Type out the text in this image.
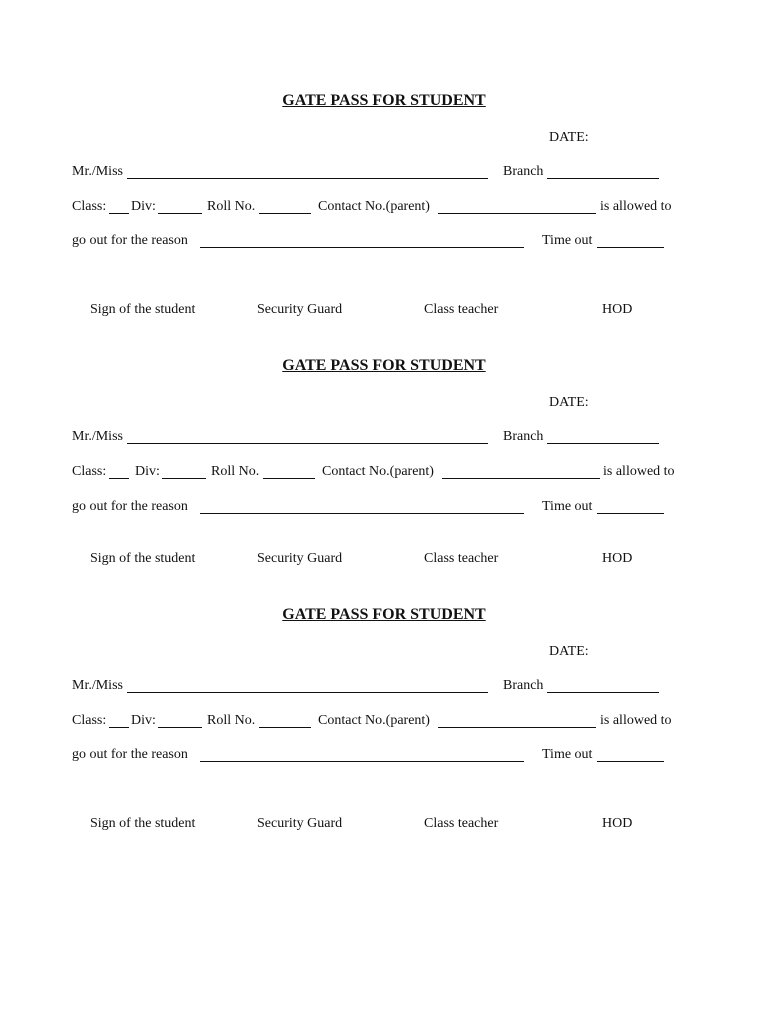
GATE PASS FOR STUDENT
DATE:
Mr./Miss	Branch
Class: Div:	Roll No.	Contact No.(parent)	is allowed to
go out for the reason	Time out
Sign of the student	Security Guard	Class teacher	HOD
GATE PASS FOR STUDENT
DATE:
Mr./Miss	Branch
Class: Div:	Roll No.	Contact No.(parent)	is allowed to
go out for the reason	Time out
Sign of the student	Security Guard	Class teacher	HOD
GATE PASS FOR STUDENT
DATE:
Mr./Miss	Branch
Class: Div:	Roll No.	Contact No.(parent)	is allowed to
go out for the reason	Time out
Sign of the student	Security Guard	Class teacher	HOD
